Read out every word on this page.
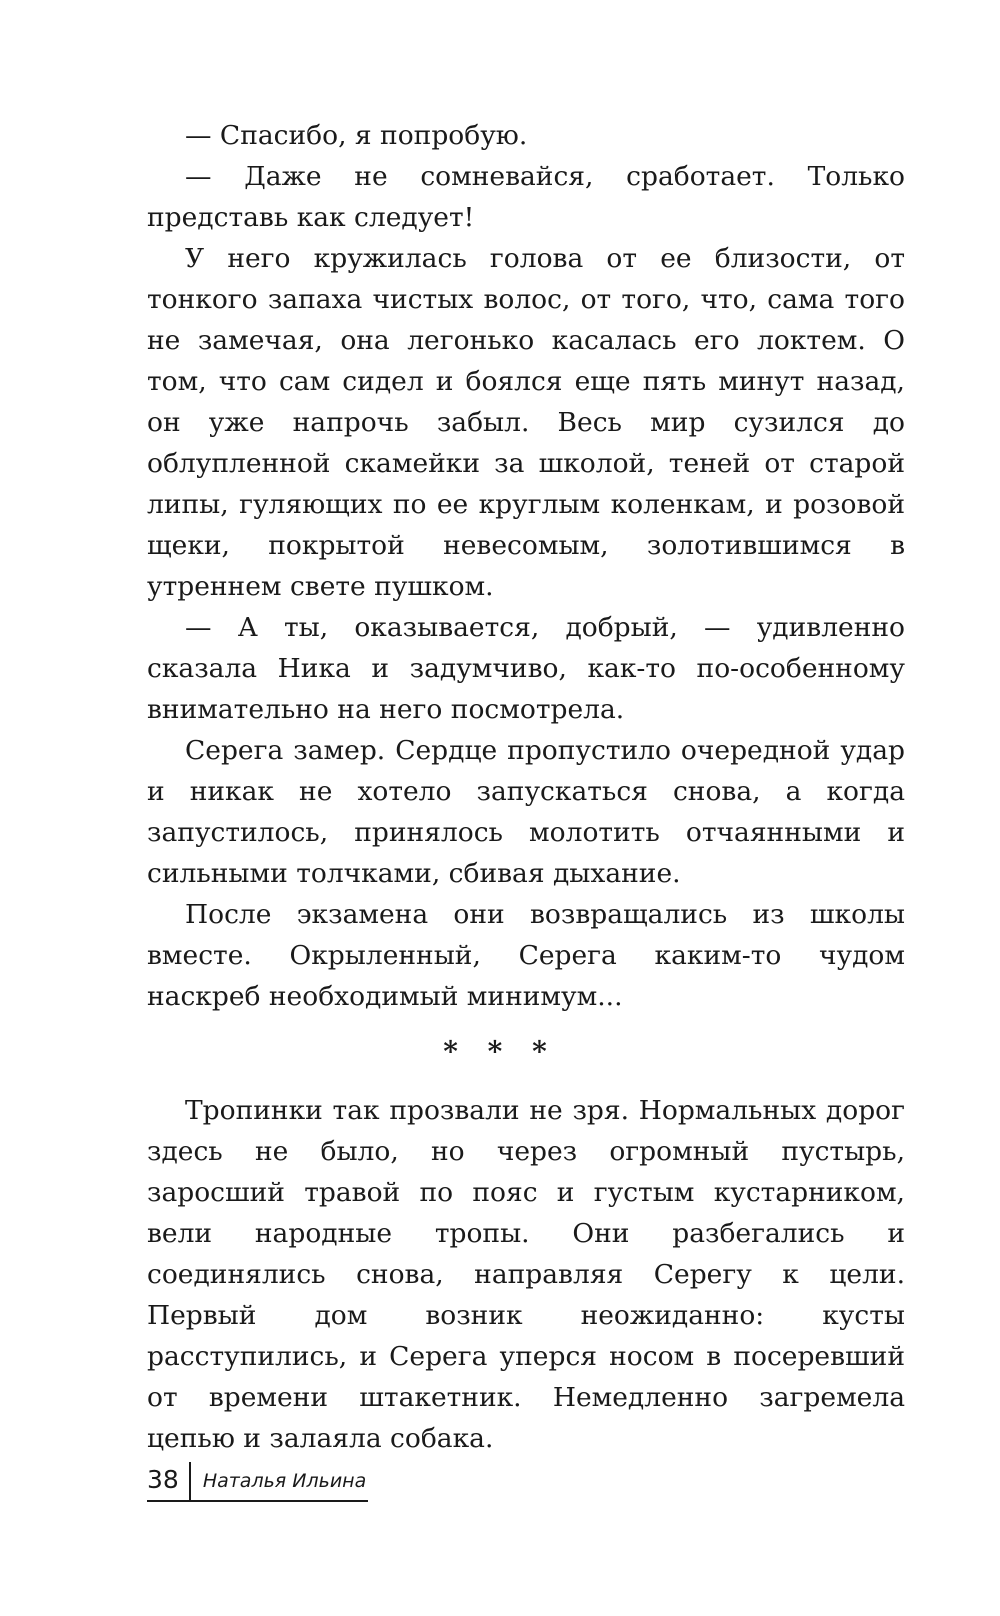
— Спасибо, я попробую.

— Даже не сомневайся, сработает. Только представь как следует!

У него кружилась голова от ее близости, от тонкого запаха чистых волос, от того, что, сама того не замечая, она легонько касалась его локтем. О том, что сам сидел и боялся еще пять минут назад, он уже напрочь забыл. Весь мир сузился до облупленной скамейки за школой, теней от старой липы, гуляющих по ее круглым коленкам, и розовой щеки, покрытой невесомым, золотившимся в утреннем свете пушком.

— А ты, оказывается, добрый, — удивленно сказала Ника и задумчиво, как-то по-особенному внимательно на него посмотрела.

Серега замер. Сердце пропустило очередной удар и никак не хотело запускаться снова, а когда запустилось, принялось молотить отчаянными и сильными толчками, сбивая дыхание.

После экзамена они возвращались из школы вместе. Окрыленный, Серега каким-то чудом наскреб необходимый минимум...

* * *

Тропинки так прозвали не зря. Нормальных дорог здесь не было, но через огромный пустырь, заросший травой по пояс и густым кустарником, вели народные тропы. Они разбегались и соединялись снова, направляя Серегу к цели. Первый дом возник неожиданно: кусты расступились, и Серега уперся носом в посеревший от времени штакетник. Немедленно загремела цепью и залаяла собака.

38	Наталья Ильина
